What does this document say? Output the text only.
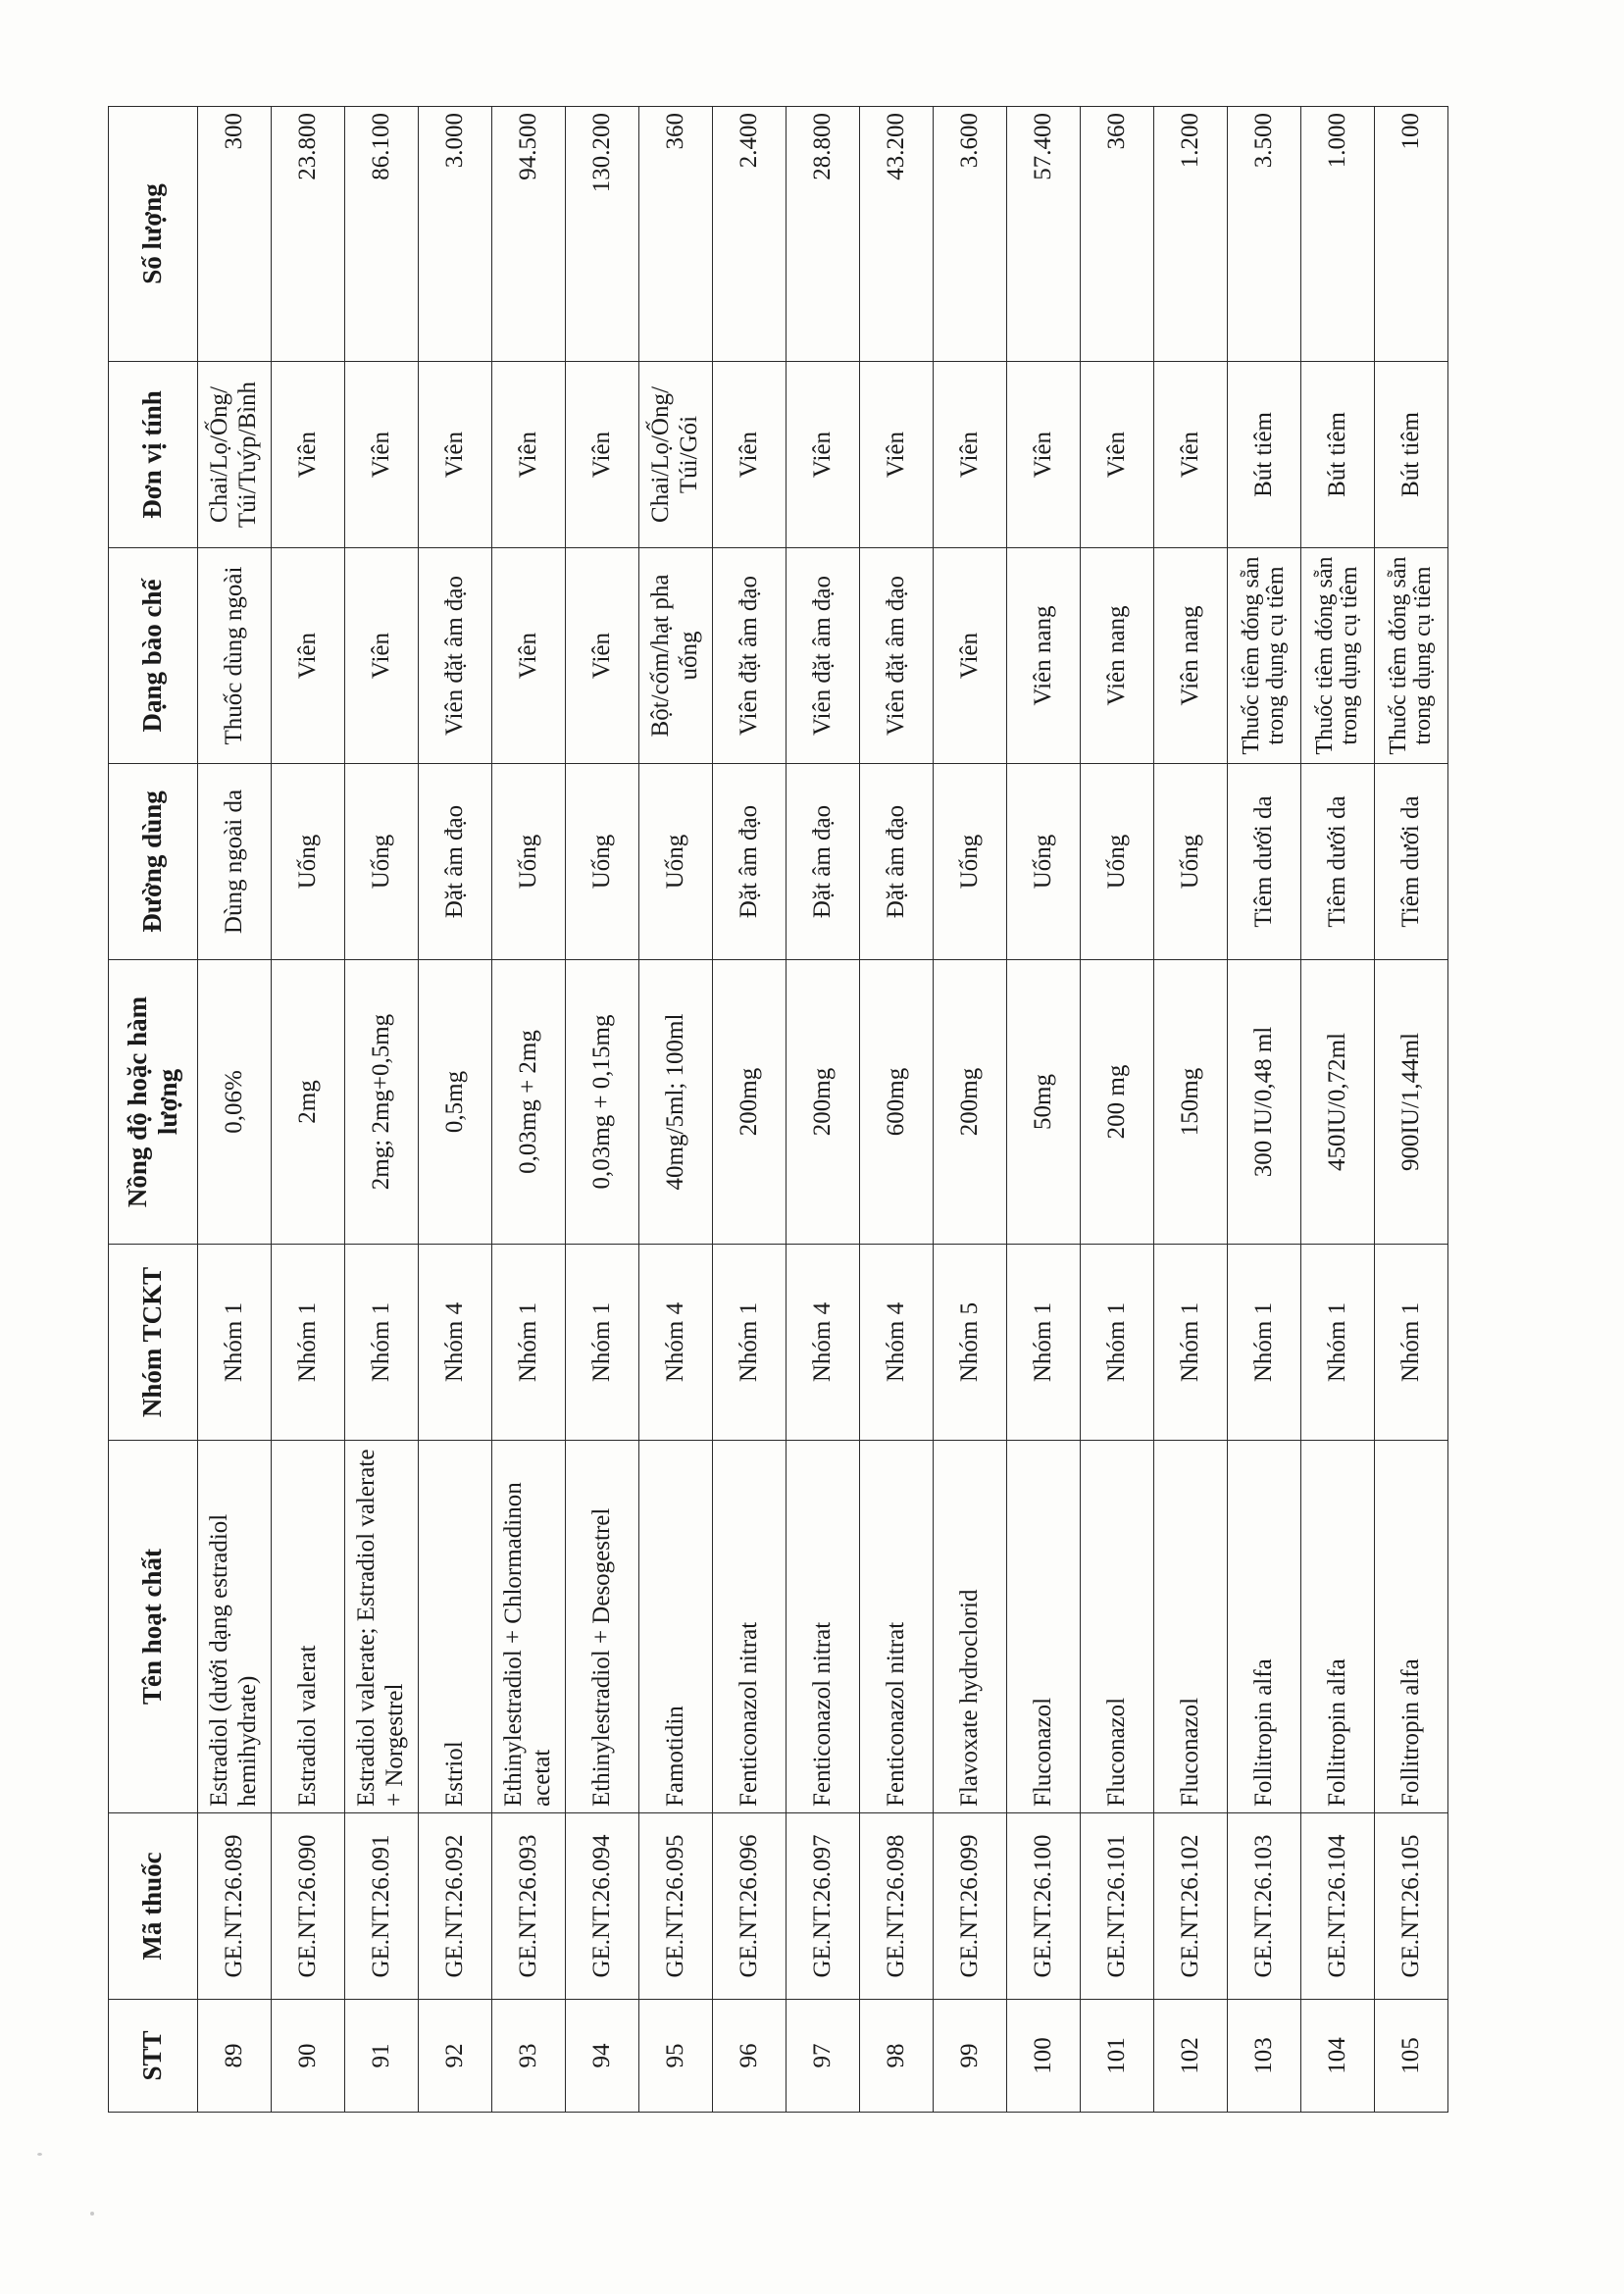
STT	Mã thuốc	Tên hoạt chất	Nhóm TCKT	Nồng độ hoặc hàm lượng	Đường dùng	Dạng bào chế	Đơn vị tính	Số lượng
89	GE.NT.26.089	Estradiol (dưới dạng estradiol hemihydrate)	Nhóm 1	0,06%	Dùng ngoài da	Thuốc dùng ngoài	Chai/Lọ/Ống/ Túi/Tuýp/Bình	300
90	GE.NT.26.090	Estradiol valerat	Nhóm 1	2mg	Uống	Viên	Viên	23.800
91	GE.NT.26.091	Estradiol valerate; Estradiol valerate + Norgestrel	Nhóm 1	2mg; 2mg+0,5mg	Uống	Viên	Viên	86.100
92	GE.NT.26.092	Estriol	Nhóm 4	0,5mg	Đặt âm đạo	Viên đặt âm đạo	Viên	3.000
93	GE.NT.26.093	Ethinylestradiol + Chlormadinon acetat	Nhóm 1	0,03mg + 2mg	Uống	Viên	Viên	94.500
94	GE.NT.26.094	Ethinylestradiol + Desogestrel	Nhóm 1	0,03mg + 0,15mg	Uống	Viên	Viên	130.200
95	GE.NT.26.095	Famotidin	Nhóm 4	40mg/5ml; 100ml	Uống	Bột/cốm/hạt pha uống	Chai/Lọ/Ống/ Túi/Gói	360
96	GE.NT.26.096	Fenticonazol nitrat	Nhóm 1	200mg	Đặt âm đạo	Viên đặt âm đạo	Viên	2.400
97	GE.NT.26.097	Fenticonazol nitrat	Nhóm 4	200mg	Đặt âm đạo	Viên đặt âm đạo	Viên	28.800
98	GE.NT.26.098	Fenticonazol nitrat	Nhóm 4	600mg	Đặt âm đạo	Viên đặt âm đạo	Viên	43.200
99	GE.NT.26.099	Flavoxate hydroclorid	Nhóm 5	200mg	Uống	Viên	Viên	3.600
100	GE.NT.26.100	Fluconazol	Nhóm 1	50mg	Uống	Viên nang	Viên	57.400
101	GE.NT.26.101	Fluconazol	Nhóm 1	200 mg	Uống	Viên nang	Viên	360
102	GE.NT.26.102	Fluconazol	Nhóm 1	150mg	Uống	Viên nang	Viên	1.200
103	GE.NT.26.103	Follitropin alfa	Nhóm 1	300 IU/0,48 ml	Tiêm dưới da	Thuốc tiêm đóng sẵn trong dụng cụ tiêm	Bút tiêm	3.500
104	GE.NT.26.104	Follitropin alfa	Nhóm 1	450IU/0,72ml	Tiêm dưới da	Thuốc tiêm đóng sẵn trong dụng cụ tiêm	Bút tiêm	1.000
105	GE.NT.26.105	Follitropin alfa	Nhóm 1	900IU/1,44ml	Tiêm dưới da	Thuốc tiêm đóng sẵn trong dụng cụ tiêm	Bút tiêm	100
